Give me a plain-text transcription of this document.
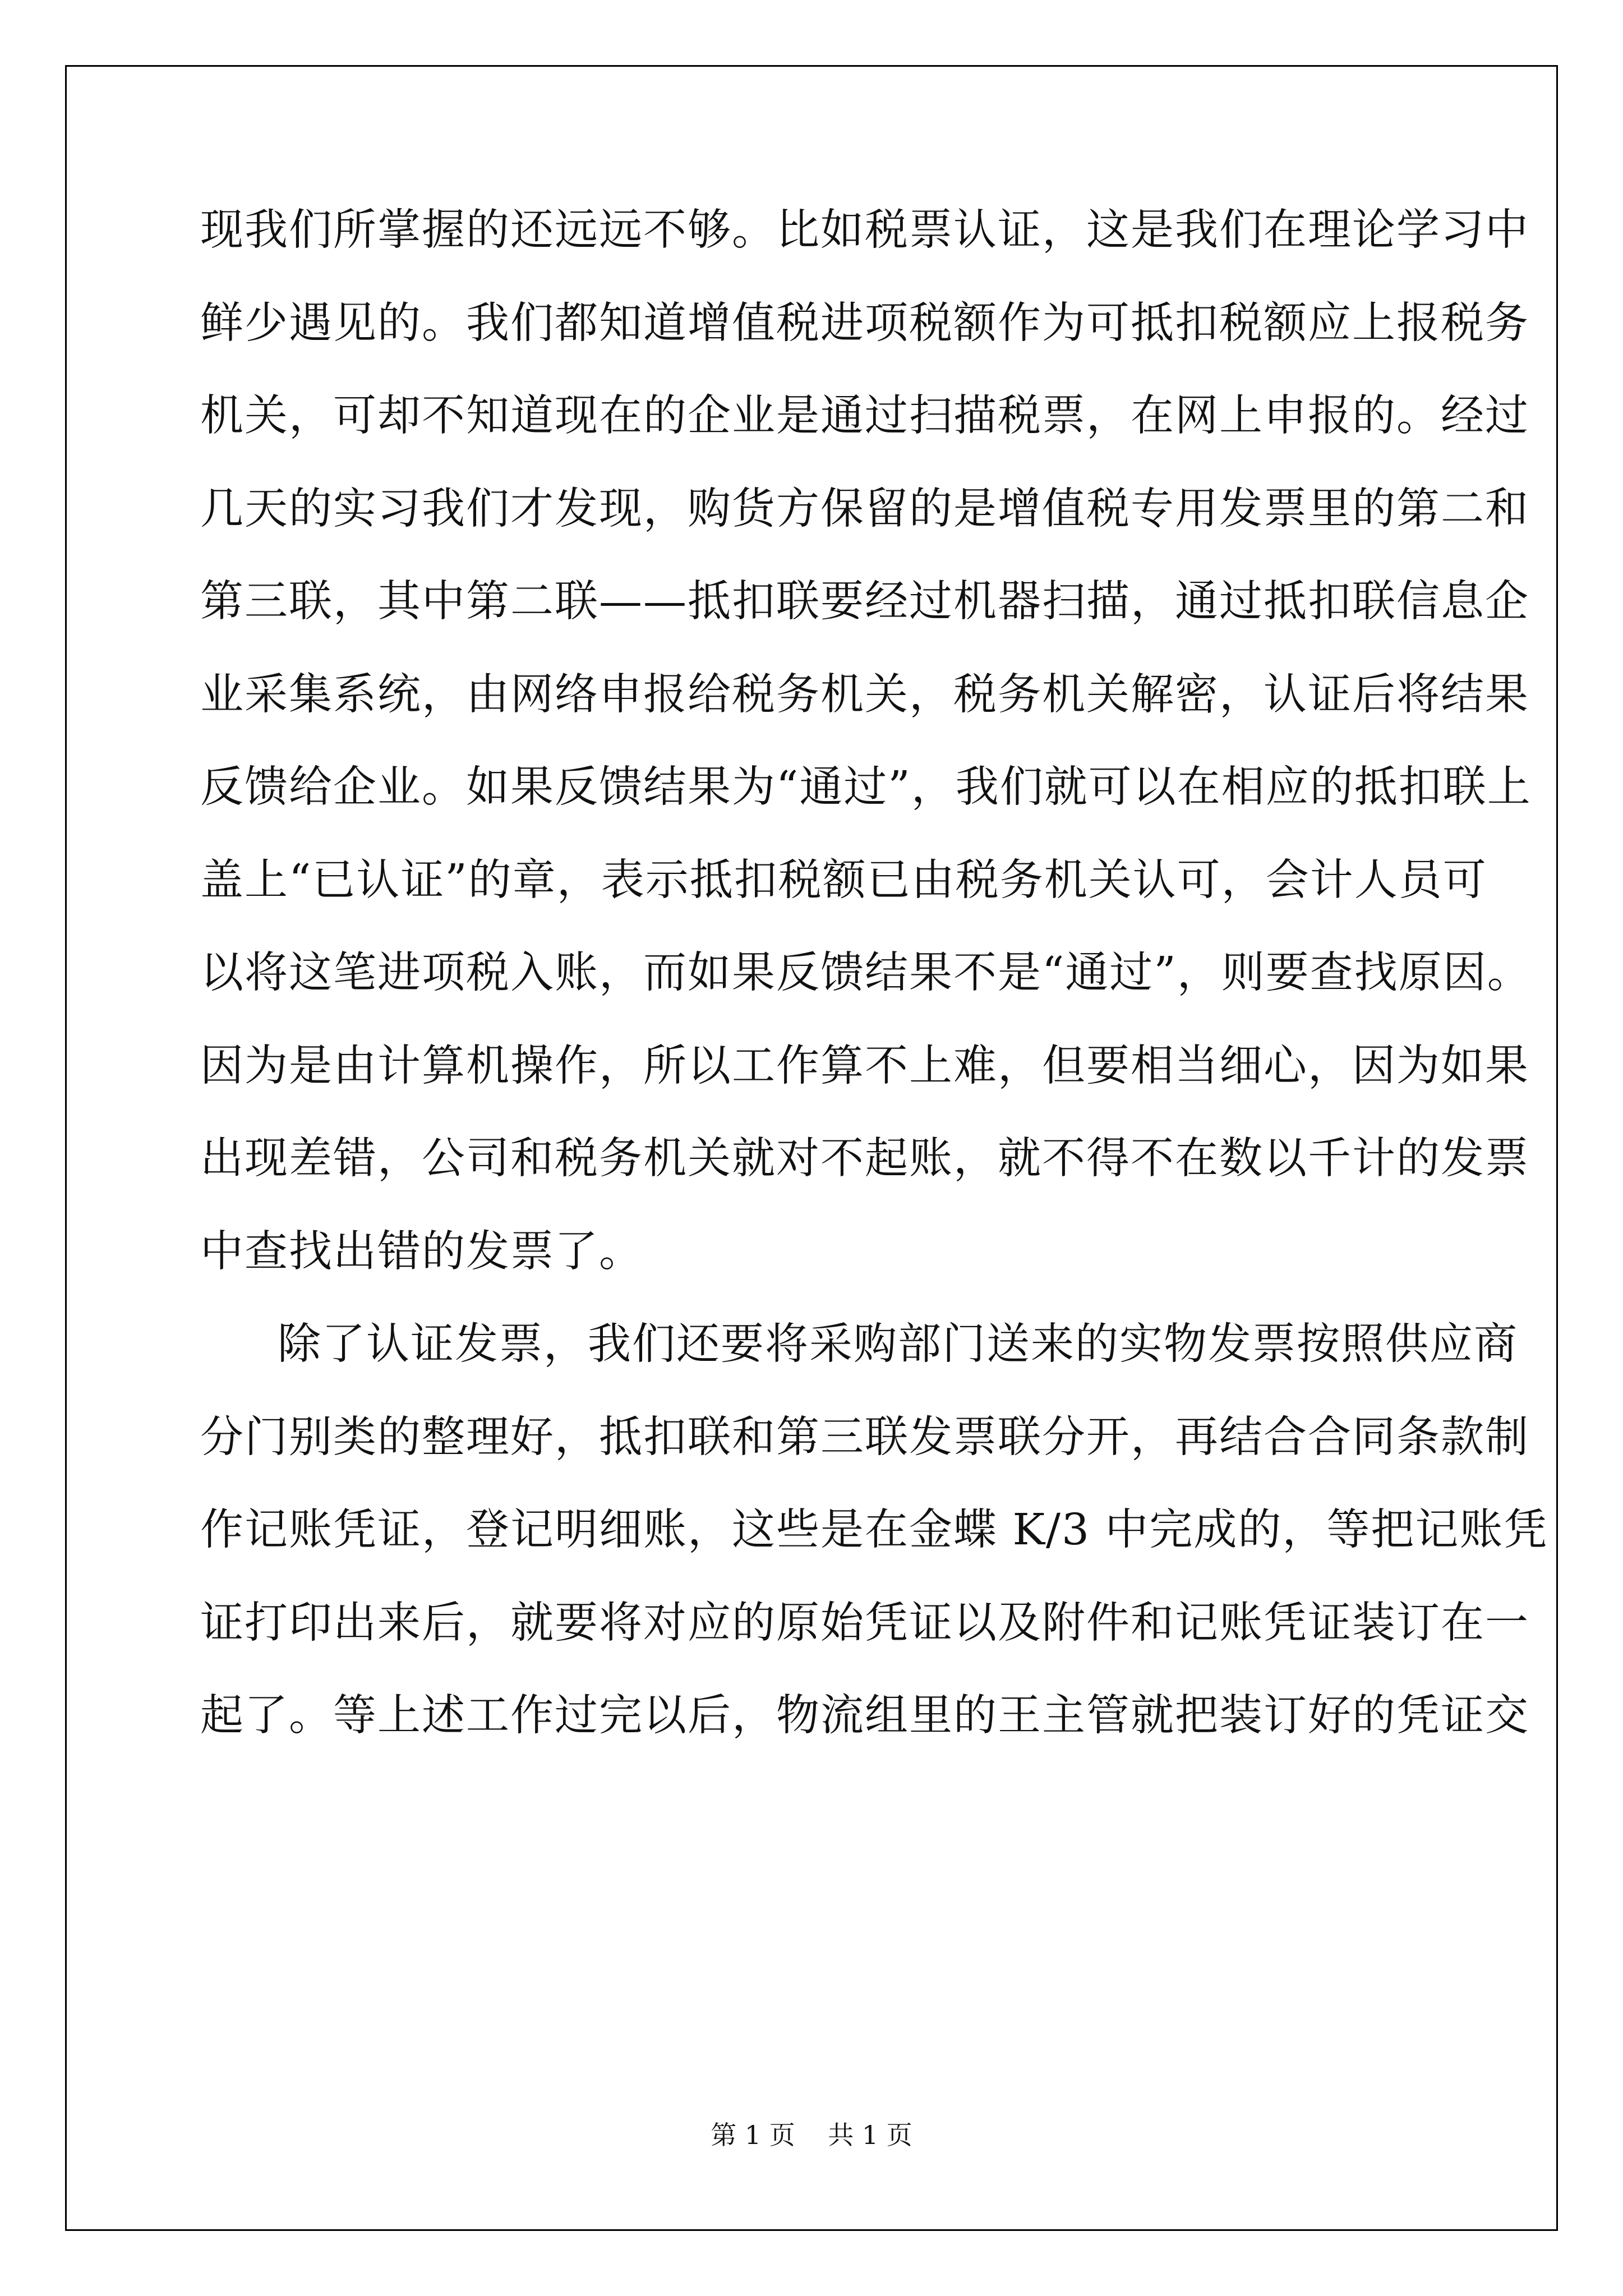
现我们所掌握的还远远不够。比如税票认证，这是我们在理论学习中
鲜少遇见的。我们都知道增值税进项税额作为可抵扣税额应上报税务
机关，可却不知道现在的企业是通过扫描税票，在网上申报的。经过
几天的实习我们才发现，购货方保留的是增值税专用发票里的第二和
第三联，其中第二联——抵扣联要经过机器扫描，通过抵扣联信息企
业采集系统，由网络申报给税务机关，税务机关解密，认证后将结果
反馈给企业。如果反馈结果为“通过”，我们就可以在相应的抵扣联上
盖上“已认证”的章，表示抵扣税额已由税务机关认可，会计人员可
以将这笔进项税入账，而如果反馈结果不是“通过”，则要查找原因。
因为是由计算机操作，所以工作算不上难，但要相当细心，因为如果
出现差错，公司和税务机关就对不起账，就不得不在数以千计的发票
中查找出错的发票了。
除了认证发票，我们还要将采购部门送来的实物发票按照供应商
分门别类的整理好，抵扣联和第三联发票联分开，再结合合同条款制
作记账凭证，登记明细账，这些是在金蝶 K/3 中完成的，等把记账凭
证打印出来后，就要将对应的原始凭证以及附件和记账凭证装订在一
起了。等上述工作过完以后，物流组里的王主管就把装订好的凭证交
第 1 页    共 1 页
